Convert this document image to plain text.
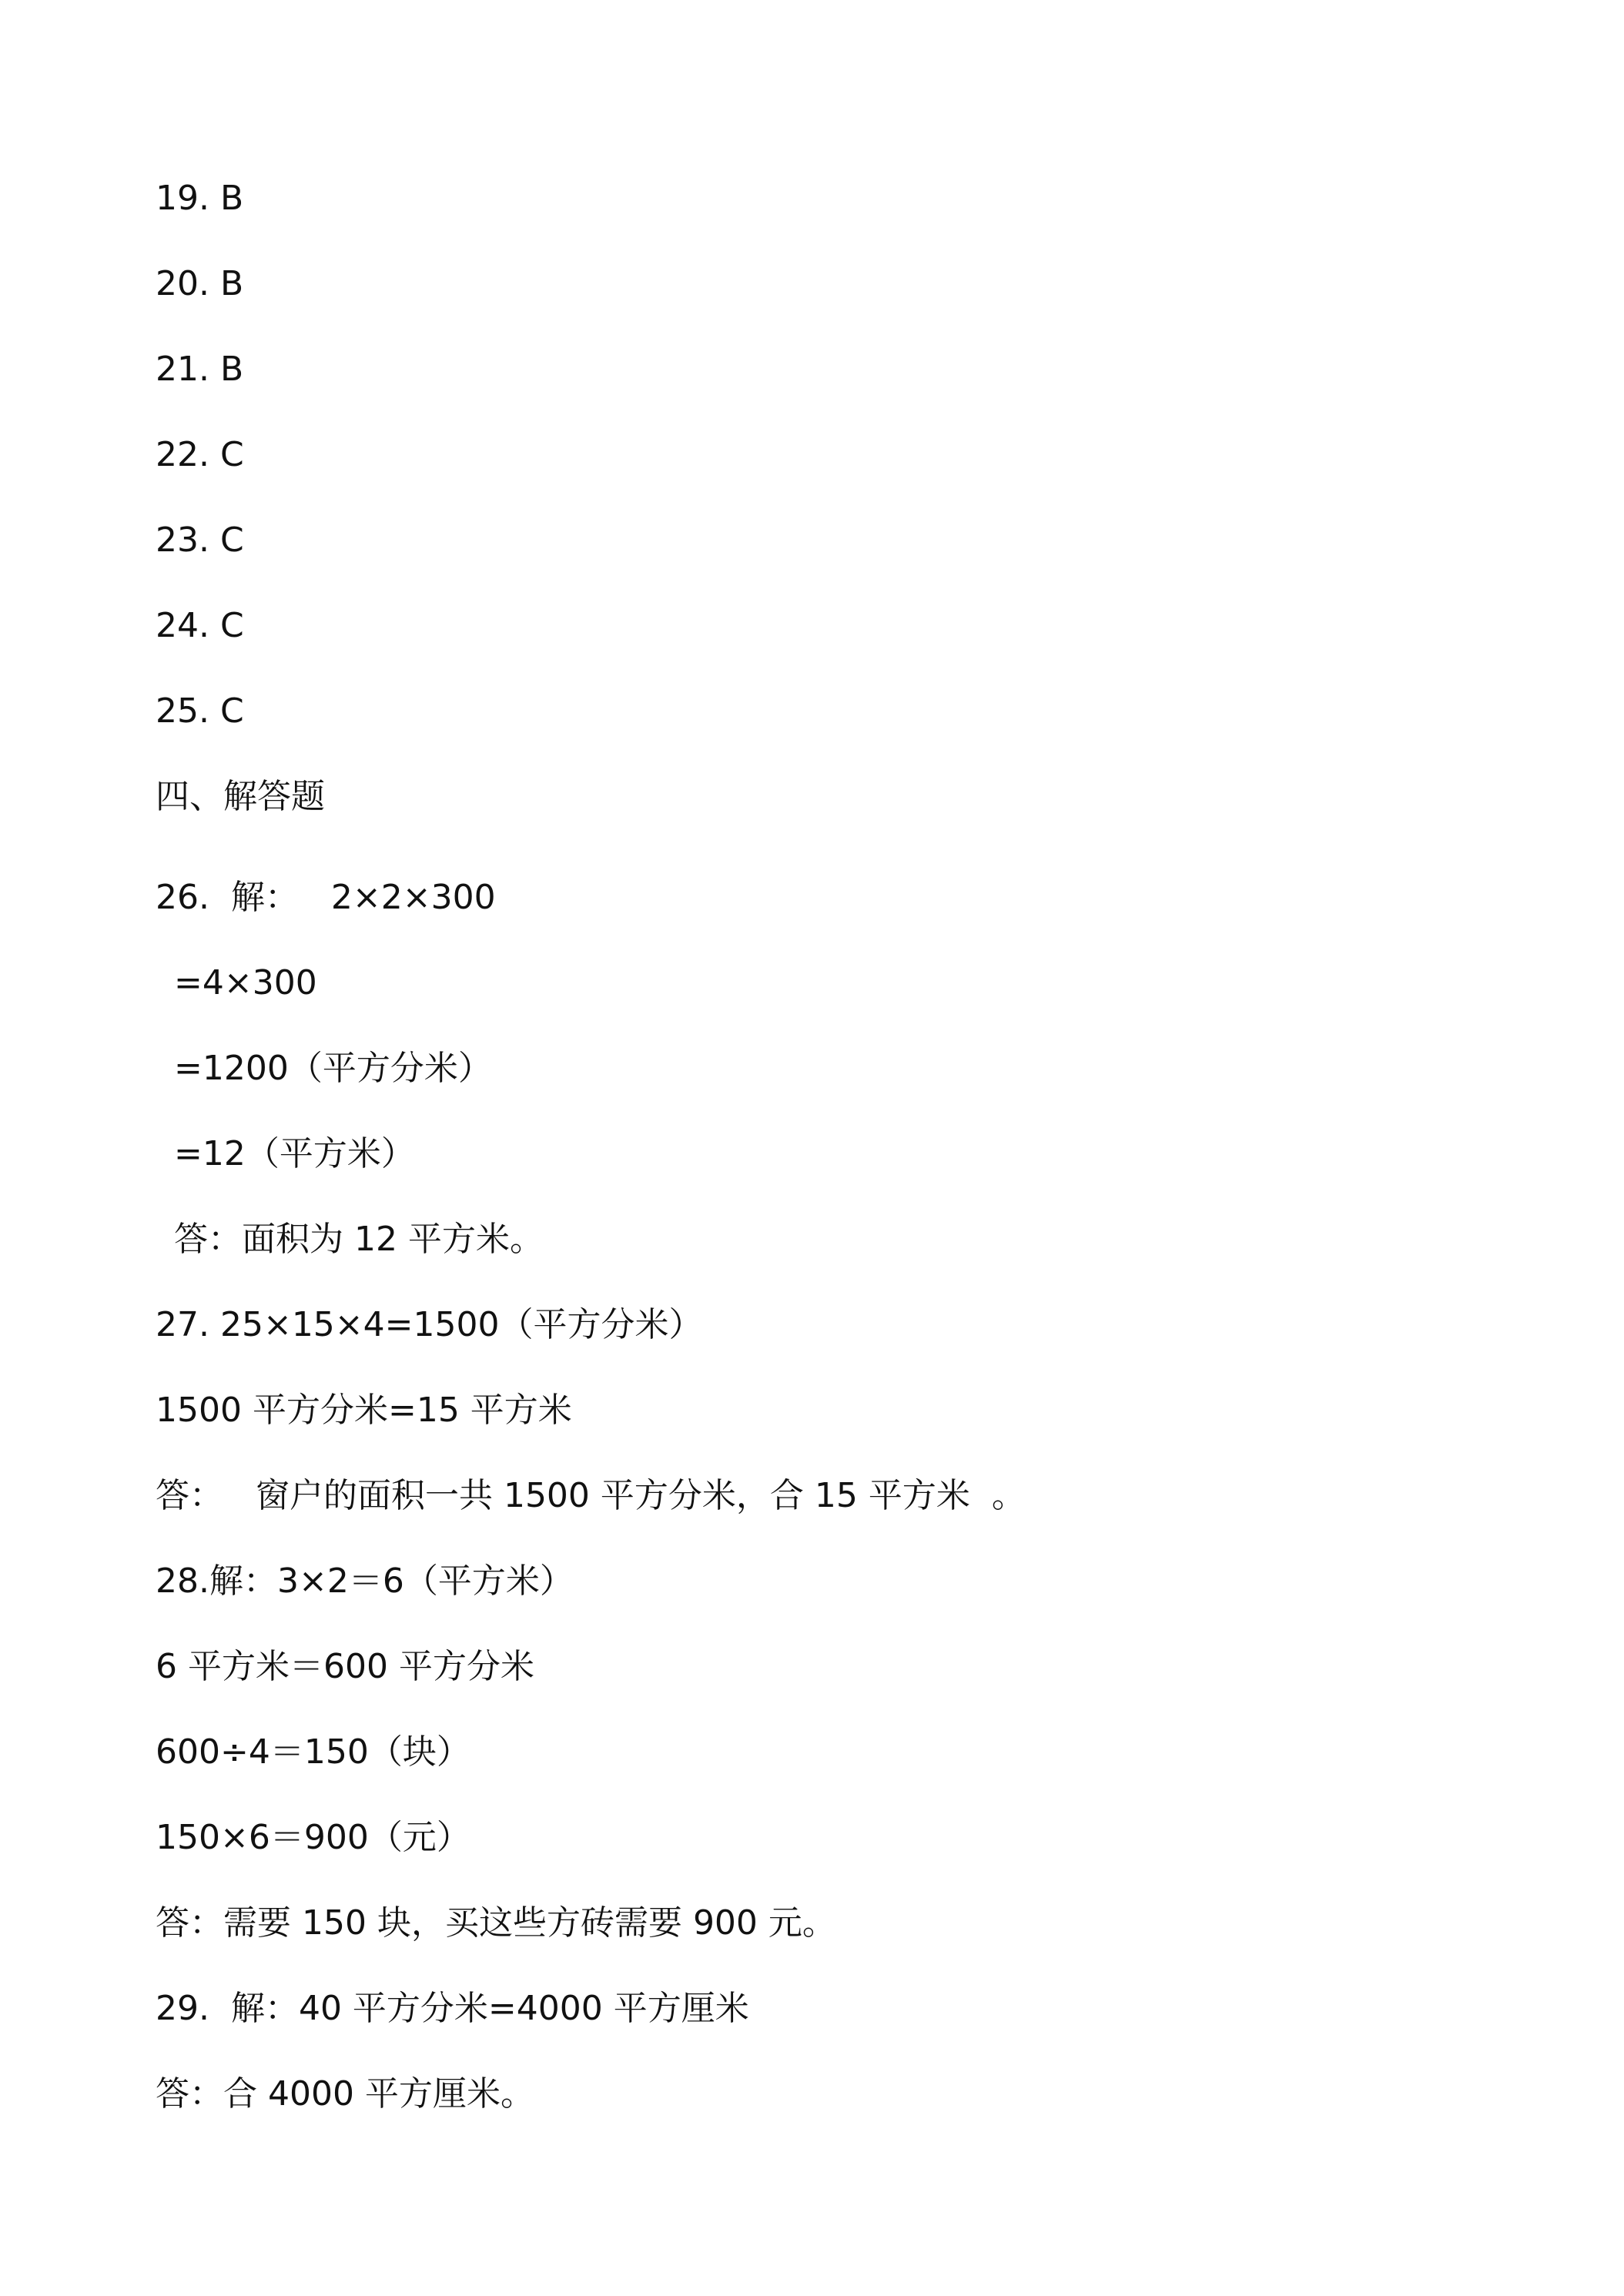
19. B
20. B
21. B
22. C
23. C
24. C
25. C
四、解答题
26.  解：   2×2×300
=4×300
=1200（平方分米）
=12（平方米）
答：面积为 12 平方米。
27. 25×15×4=1500（平方分米）
1500 平方分米=15 平方米
答：   窗户的面积一共 1500 平方分米，合 15 平方米  。
28.解：3×2＝6（平方米）
6 平方米＝600 平方分米
600÷4＝150（块）
150×6＝900（元）
答：需要 150 块，买这些方砖需要 900 元。
29.  解：40 平方分米=4000 平方厘米
答：合 4000 平方厘米。
